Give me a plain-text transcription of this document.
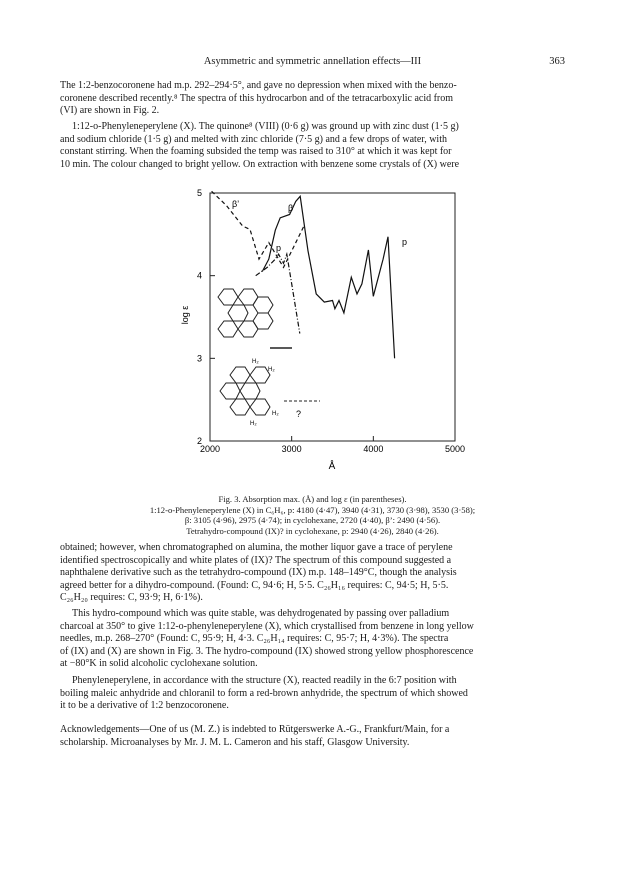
Asymmetric and symmetric annellation effects—III	363

The 1:2-benzocoronene had m.p. 292–294·5°, and gave no depression when mixed with the benzo-

coronene described recently.⁸ The spectra of this hydrocarbon and of the tetracarboxylic acid from

(VI) are shown in Fig. 2.

1:12-o-Phenyleneperylene (X). The quinone⁸ (VIII) (0·6 g) was ground up with zinc dust (1·5 g)

and sodium chloride (1·5 g) and melted with zinc chloride (7·5 g) and a few drops of water, with

constant stirring. When the foaming subsided the temp was raised to 310° at which it was kept for

10 min. The colour changed to bright yellow. On extraction with benzene some crystals of (X) were

2
3
4
5
2000	3000	4000	5000
log ε
Å
β’	β
p
p
?
H₂
H₂
H₂
H₂
Fig. 3. Absorption max. (Å) and log ε (in parentheses).
1:12-o-Phenyleneperylene (X) in C₆H₆, p: 4180 (4·47), 3940 (4·31), 3730 (3·98), 3530 (3·58);
β: 3105 (4·96), 2975 (4·74); in cyclohexane, 2720 (4·40), β’: 2490 (4·56).
Tetrahydro-compound (IX)? in cyclohexane, p: 2940 (4·26), 2840 (4·26).

obtained; however, when chromatographed on alumina, the mother liquor gave a trace of perylene

identified spectroscopically and white plates of (IX)? The spectrum of this compound suggested a

naphthalene derivative such as the tetrahydro-compound (IX) m.p. 148–149°C, though the analysis

agreed better for a dihydro-compound. (Found: C, 94·6; H, 5·5. C₂₆H₁₆ requires: C, 94·5; H, 5·5.

C₂₆H₂₀ requires: C, 93·9; H, 6·1%).

This hydro-compound which was quite stable, was dehydrogenated by passing over palladium

charcoal at 350° to give 1:12-o-phenyleneperylene (X), which crystallised from benzene in long yellow

needles, m.p. 268–270° (Found: C, 95·9; H, 4·3. C₂₆H₁₄ requires: C, 95·7; H, 4·3%). The spectra

of (IX) and (X) are shown in Fig. 3. The hydro-compound (IX) showed strong yellow phosphorescence

at −80°K in solid alcoholic cyclohexane solution.

Phenyleneperylene, in accordance with the structure (X), reacted readily in the 6:7 position with

boiling maleic anhydride and chloranil to form a red-brown anhydride, the spectrum of which showed

it to be a derivative of 1:2 benzocoronene.

Acknowledgements—One of us (M. Z.) is indebted to Rütgerswerke A.-G., Frankfurt/Main, for a

scholarship. Microanalyses by Mr. J. M. L. Cameron and his staff, Glasgow University.
